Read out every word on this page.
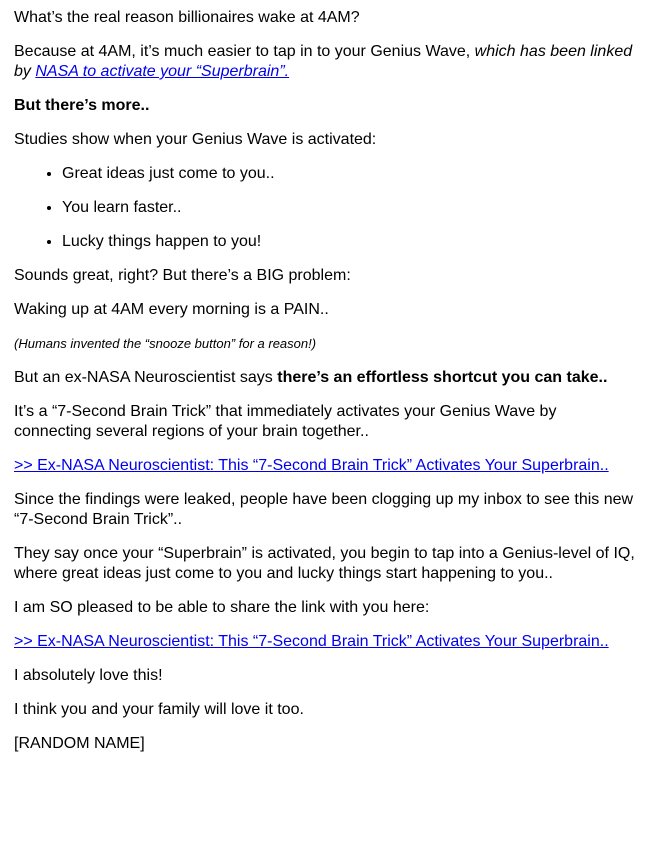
What’s the real reason billionaires wake at 4AM?

Because at 4AM, it’s much easier to tap in to your Genius Wave, which has been linked by NASA to activate your “Superbrain”.

But there’s more..

Studies show when your Genius Wave is activated:

• Great ideas just come to you..
• You learn faster..
• Lucky things happen to you!

Sounds great, right? But there’s a BIG problem:

Waking up at 4AM every morning is a PAIN..

(Humans invented the “snooze button” for a reason!)

But an ex-NASA Neuroscientist says there’s an effortless shortcut you can take..

It’s a “7-Second Brain Trick” that immediately activates your Genius Wave by connecting several regions of your brain together..

>> Ex-NASA Neuroscientist: This “7-Second Brain Trick” Activates Your Superbrain..

Since the findings were leaked, people have been clogging up my inbox to see this new “7-Second Brain Trick”..

They say once your “Superbrain” is activated, you begin to tap into a Genius-level of IQ, where great ideas just come to you and lucky things start happening to you..

I am SO pleased to be able to share the link with you here:

>> Ex-NASA Neuroscientist: This “7-Second Brain Trick” Activates Your Superbrain..

I absolutely love this!

I think you and your family will love it too.

[RANDOM NAME]
